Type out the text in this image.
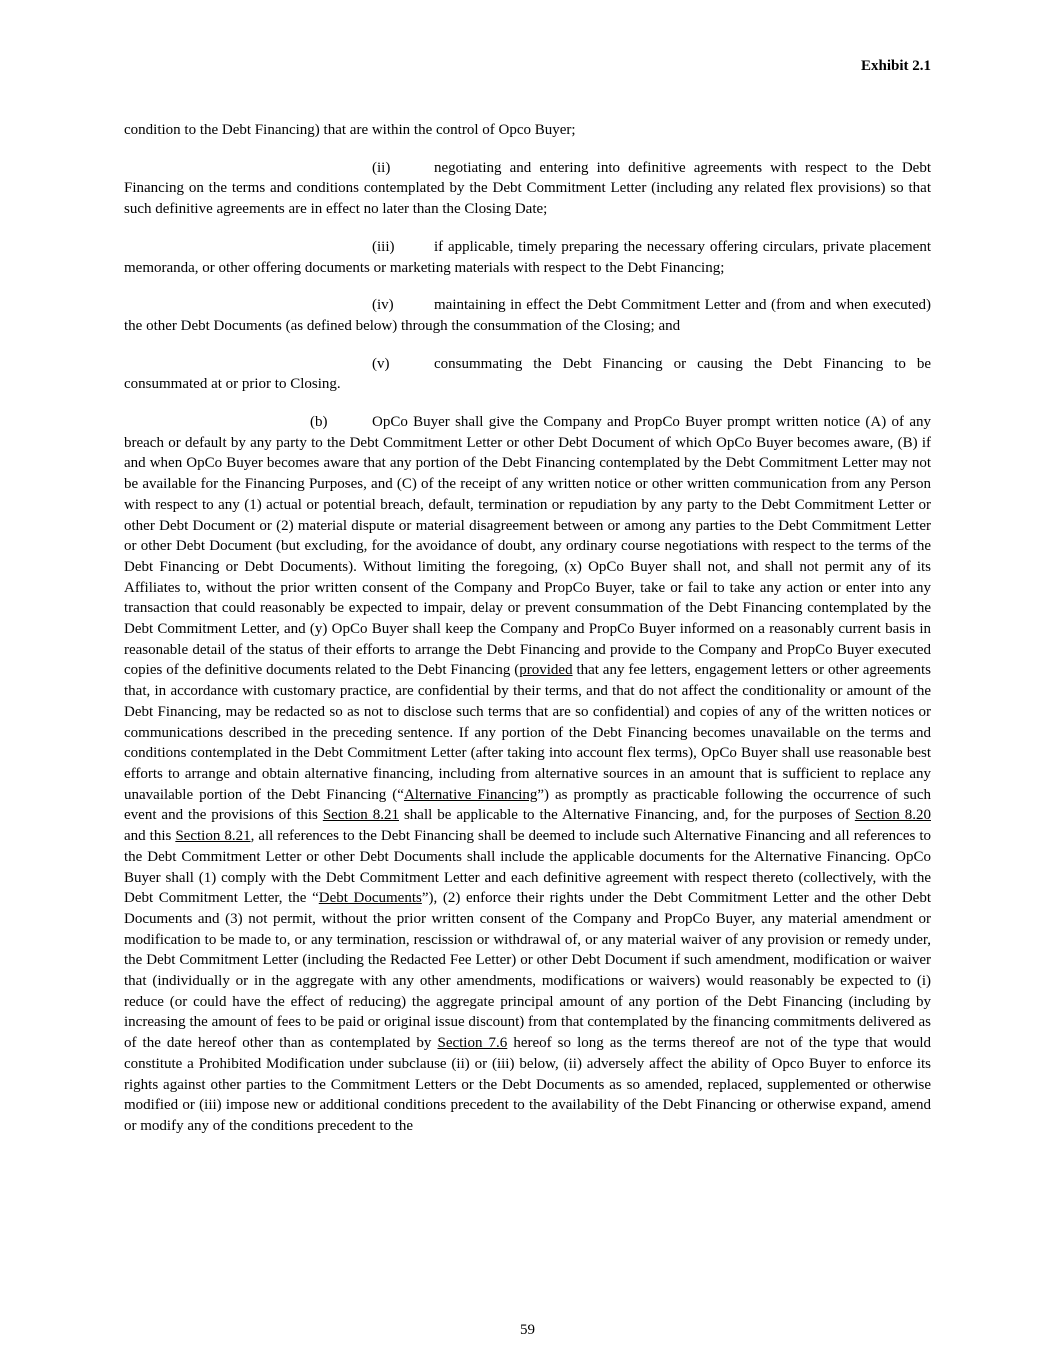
Exhibit 2.1

condition to the Debt Financing) that are within the control of Opco Buyer;

(ii)	negotiating and entering into definitive agreements with respect to the Debt Financing on the terms and conditions contemplated by the Debt Commitment Letter (including any related flex provisions) so that such definitive agreements are in effect no later than the Closing Date;

(iii)	if applicable, timely preparing the necessary offering circulars, private placement memoranda, or other offering documents or marketing materials with respect to the Debt Financing;

(iv)	maintaining in effect the Debt Commitment Letter and (from and when executed) the other Debt Documents (as defined below) through the consummation of the Closing; and

(v)	consummating the Debt Financing or causing the Debt Financing to be consummated at or prior to Closing.

(b)	OpCo Buyer shall give the Company and PropCo Buyer prompt written notice (A) of any breach or default by any party to the Debt Commitment Letter or other Debt Document of which OpCo Buyer becomes aware, (B) if and when OpCo Buyer becomes aware that any portion of the Debt Financing contemplated by the Debt Commitment Letter may not be available for the Financing Purposes, and (C) of the receipt of any written notice or other written communication from any Person with respect to any (1) actual or potential breach, default, termination or repudiation by any party to the Debt Commitment Letter or other Debt Document or (2) material dispute or material disagreement between or among any parties to the Debt Commitment Letter or other Debt Document (but excluding, for the avoidance of doubt, any ordinary course negotiations with respect to the terms of the Debt Financing or Debt Documents). Without limiting the foregoing, (x) OpCo Buyer shall not, and shall not permit any of its Affiliates to, without the prior written consent of the Company and PropCo Buyer, take or fail to take any action or enter into any transaction that could reasonably be expected to impair, delay or prevent consummation of the Debt Financing contemplated by the Debt Commitment Letter, and (y) OpCo Buyer shall keep the Company and PropCo Buyer informed on a reasonably current basis in reasonable detail of the status of their efforts to arrange the Debt Financing and provide to the Company and PropCo Buyer executed copies of the definitive documents related to the Debt Financing (provided that any fee letters, engagement letters or other agreements that, in accordance with customary practice, are confidential by their terms, and that do not affect the conditionality or amount of the Debt Financing, may be redacted so as not to disclose such terms that are so confidential) and copies of any of the written notices or communications described in the preceding sentence. If any portion of the Debt Financing becomes unavailable on the terms and conditions contemplated in the Debt Commitment Letter (after taking into account flex terms), OpCo Buyer shall use reasonable best efforts to arrange and obtain alternative financing, including from alternative sources in an amount that is sufficient to replace any unavailable portion of the Debt Financing (“Alternative Financing”) as promptly as practicable following the occurrence of such event and the provisions of this Section 8.21 shall be applicable to the Alternative Financing, and, for the purposes of Section 8.20 and this Section 8.21, all references to the Debt Financing shall be deemed to include such Alternative Financing and all references to the Debt Commitment Letter or other Debt Documents shall include the applicable documents for the Alternative Financing. OpCo Buyer shall (1) comply with the Debt Commitment Letter and each definitive agreement with respect thereto (collectively, with the Debt Commitment Letter, the “Debt Documents”), (2) enforce their rights under the Debt Commitment Letter and the other Debt Documents and (3) not permit, without the prior written consent of the Company and PropCo Buyer, any material amendment or modification to be made to, or any termination, rescission or withdrawal of, or any material waiver of any provision or remedy under, the Debt Commitment Letter (including the Redacted Fee Letter) or other Debt Document if such amendment, modification or waiver that (individually or in the aggregate with any other amendments, modifications or waivers) would reasonably be expected to (i) reduce (or could have the effect of reducing) the aggregate principal amount of any portion of the Debt Financing (including by increasing the amount of fees to be paid or original issue discount) from that contemplated by the financing commitments delivered as of the date hereof other than as contemplated by Section 7.6 hereof so long as the terms thereof are not of the type that would constitute a Prohibited Modification under subclause (ii) or (iii) below, (ii) adversely affect the ability of Opco Buyer to enforce its rights against other parties to the Commitment Letters or the Debt Documents as so amended, replaced, supplemented or otherwise modified or (iii) impose new or additional conditions precedent to the availability of the Debt Financing or otherwise expand, amend or modify any of the conditions precedent to the

59
